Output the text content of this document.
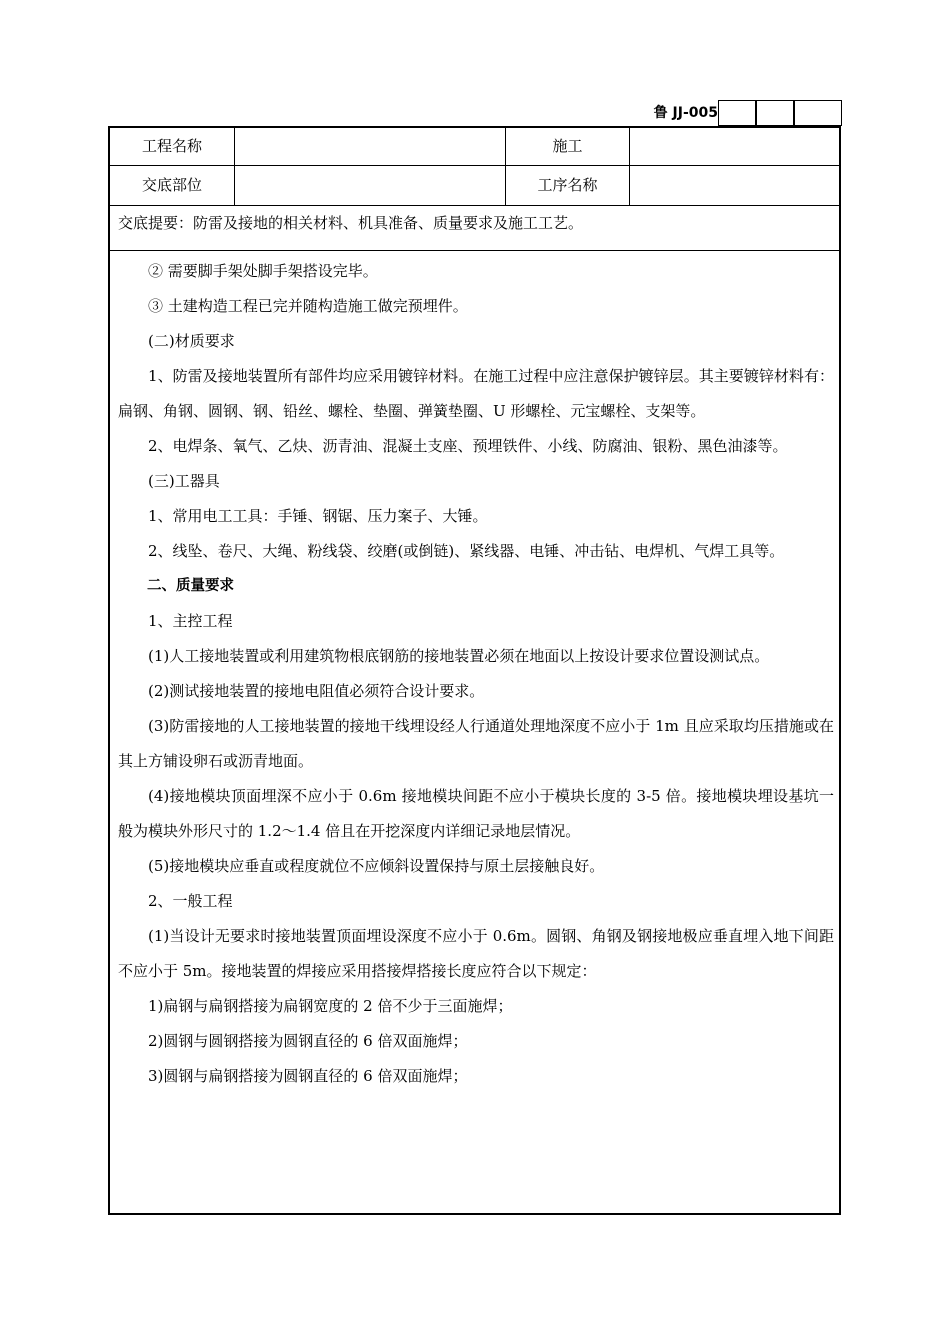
鲁 JJ-005
工程名称	施工
交底部位	工序名称
交底提要：防雷及接地的相关材料、机具准备、质量要求及施工工艺。

② 需要脚手架处脚手架搭设完毕。

③ 土建构造工程已完并随构造施工做完预埋件。

(二)材质要求

1、防雷及接地装置所有部件均应采用镀锌材料。在施工过程中应注意保护镀锌层。其主要镀锌材料有：扁钢、角钢、圆钢、钢、铅丝、螺栓、垫圈、弹簧垫圈、U 形螺栓、元宝螺栓、支架等。

2、电焊条、氧气、乙炔、沥青油、混凝土支座、预埋铁件、小线、防腐油、银粉、黑色油漆等。

(三)工器具

1、常用电工工具：手锤、钢锯、压力案子、大锤。

2、线坠、卷尺、大绳、粉线袋、绞磨(或倒链)、紧线器、电锤、冲击钻、电焊机、气焊工具等。

二、质量要求

1、主控工程

(1)人工接地装置或利用建筑物根底钢筋的接地装置必须在地面以上按设计要求位置设测试点。

(2)测试接地装置的接地电阻值必须符合设计要求。

(3)防雷接地的人工接地装置的接地干线埋设经人行通道处理地深度不应小于 1m 且应采取均压措施或在其上方铺设卵石或沥青地面。

(4)接地模块顶面埋深不应小于 0.6m 接地模块间距不应小于模块长度的 3-5 倍。接地模块埋设基坑一般为模块外形尺寸的 1.2～1.4 倍且在开挖深度内详细记录地层情况。

(5)接地模块应垂直或程度就位不应倾斜设置保持与原土层接触良好。

2、一般工程

(1)当设计无要求时接地装置顶面埋设深度不应小于 0.6m。圆钢、角钢及钢接地极应垂直埋入地下间距不应小于 5m。接地装置的焊接应采用搭接焊搭接长度应符合以下规定：

1)扁钢与扁钢搭接为扁钢宽度的 2 倍不少于三面施焊；

2)圆钢与圆钢搭接为圆钢直径的 6 倍双面施焊；

3)圆钢与扁钢搭接为圆钢直径的 6 倍双面施焊；
